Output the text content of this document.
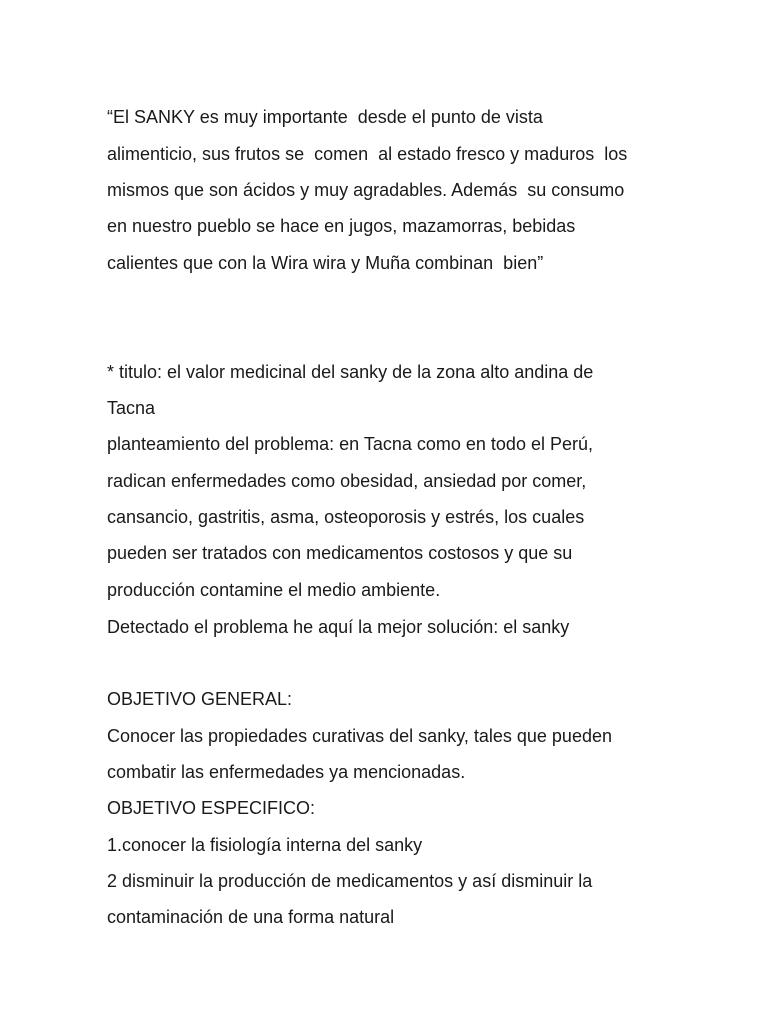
“El SANKY es muy importante  desde el punto de vista

alimenticio, sus frutos se  comen  al estado fresco y maduros  los

mismos que son ácidos y muy agradables. Además  su consumo

en nuestro pueblo se hace en jugos, mazamorras, bebidas

calientes que con la Wira wira y Muña combinan  bien”

* titulo: el valor medicinal del sanky de la zona alto andina de

Tacna

planteamiento del problema: en Tacna como en todo el Perú,

radican enfermedades como obesidad, ansiedad por comer,

cansancio, gastritis, asma, osteoporosis y estrés, los cuales

pueden ser tratados con medicamentos costosos y que su

producción contamine el medio ambiente.

Detectado el problema he aquí la mejor solución: el sanky

OBJETIVO GENERAL:

Conocer las propiedades curativas del sanky, tales que pueden

combatir las enfermedades ya mencionadas.

OBJETIVO ESPECIFICO:

1.conocer la fisiología interna del sanky

2 disminuir la producción de medicamentos y así disminuir la

contaminación de una forma natural
